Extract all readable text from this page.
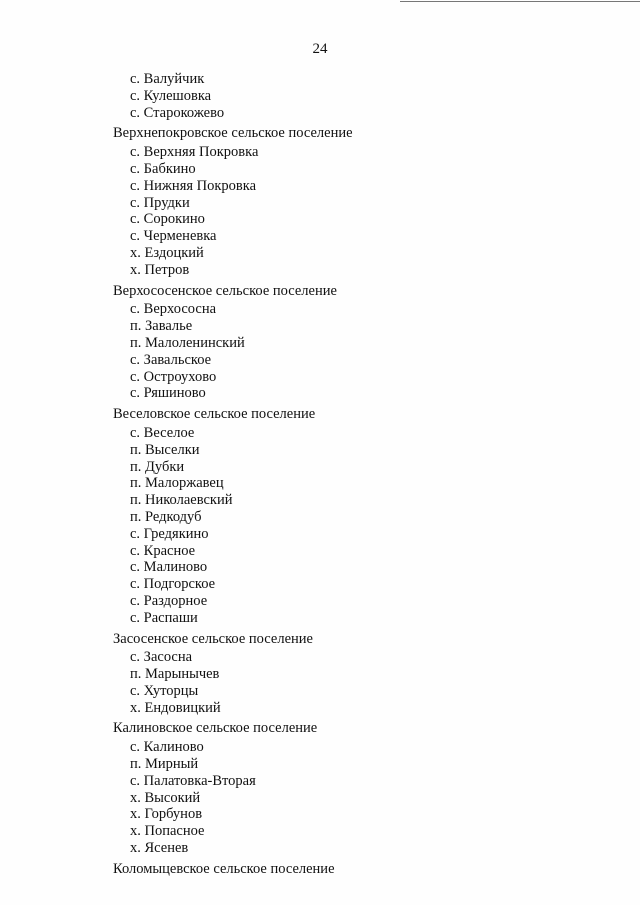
24
с. Валуйчик
с. Кулешовка
с. Старокожево
Верхнепокровское сельское поселение
с. Верхняя Покровка
с. Бабкино
с. Нижняя Покровка
с. Прудки
с. Сорокино
с. Черменевка
х. Ездоцкий
х. Петров
Верхососенское сельское поселение
с. Верхососна
п. Завалье
п. Малоленинский
с. Завальское
с. Остроухово
с. Ряшиново
Веселовское сельское поселение
с. Веселое
п. Выселки
п. Дубки
п. Малоржавец
п. Николаевский
п. Редкодуб
с. Гредякино
с. Красное
с. Малиново
с. Подгорское
с. Раздорное
с. Распаши
Засосенское сельское поселение
с. Засосна
п. Марынычев
с. Хуторцы
х. Ендовицкий
Калиновское сельское поселение
с. Калиново
п. Мирный
с. Палатовка-Вторая
х. Высокий
х. Горбунов
х. Попасное
х. Ясенев
Коломыцевское сельское поселение
